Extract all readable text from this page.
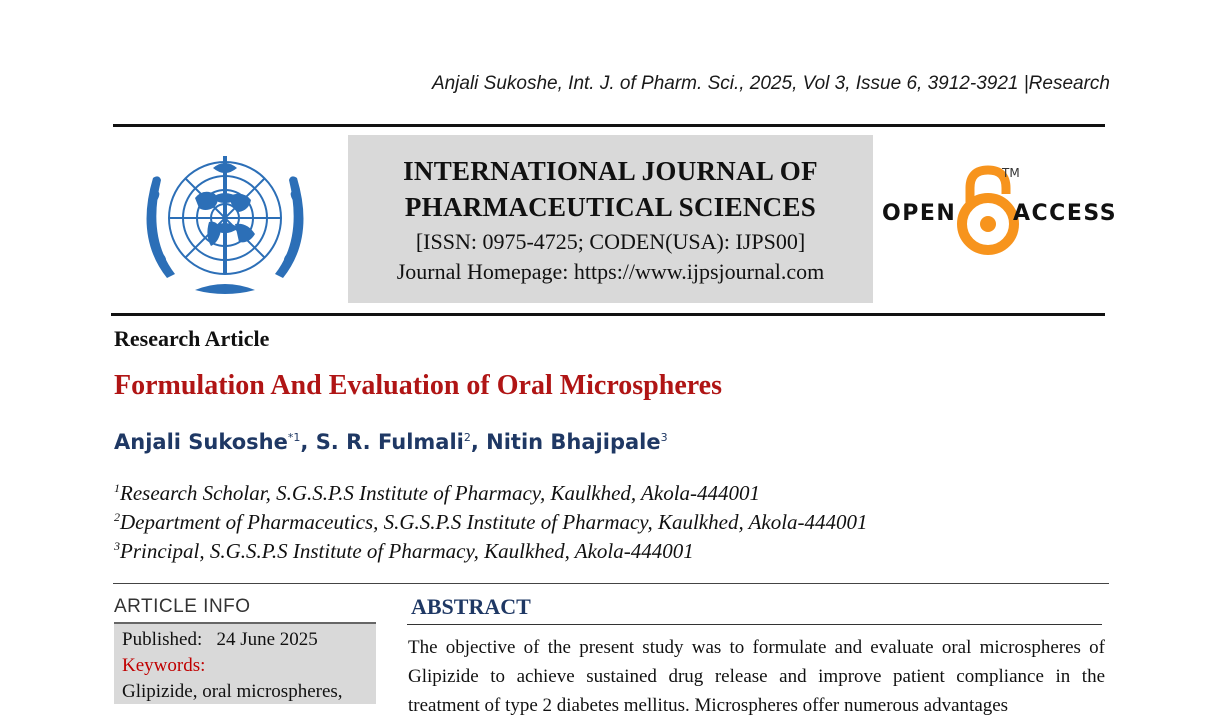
Anjali Sukoshe, Int. J. of Pharm. Sci., 2025, Vol 3, Issue 6, 3912-3921 |Research
INTERNATIONAL JOURNAL OF
PHARMACEUTICAL SCIENCES
[ISSN: 0975-4725; CODEN(USA): IJPS00]
Journal Homepage: https://www.ijpsjournal.com
OPEN
TM
ACCESS
Research Article
Formulation And Evaluation of Oral Microspheres
Anjali Sukoshe$^{*1}$, S. R. Fulmali$^2$, Nitin Bhajipale$^3$
$^1$Research Scholar, S.G.S.P.S Institute of Pharmacy, Kaulkhed, Akola-444001
$^2$Department of Pharmaceutics, S.G.S.P.S Institute of Pharmacy, Kaulkhed, Akola-444001
$^3$Principal, S.G.S.P.S Institute of Pharmacy, Kaulkhed, Akola-444001
ARTICLE INFO
Published: 24 June 2025
Keywords:
Glipizide, oral microspheres,
ABSTRACT
The objective of the present study was to formulate and evaluate oral microspheres of Glipizide to achieve sustained drug release and improve patient compliance in the treatment of type 2 diabetes mellitus. Microspheres offer numerous advantages
